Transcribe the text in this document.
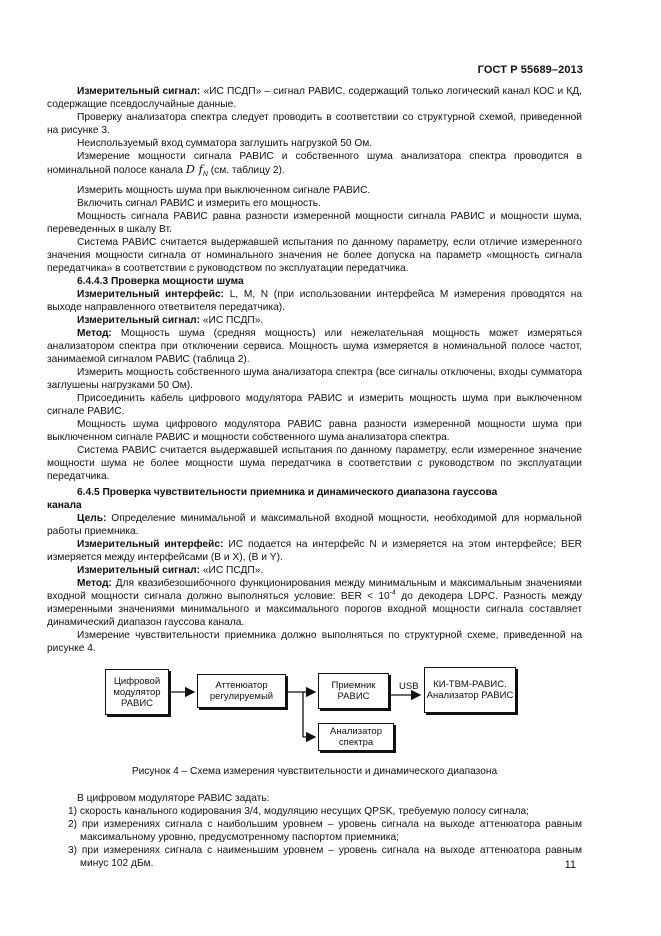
ГОСТ Р 55689–2013

Измерительный сигнал: «ИС ПСДП» – сигнал РАВИС, содержащий только логический канал КОС и КД, содержащие псевдослучайные данные.

Проверку анализатора спектра следует проводить в соответствии со структурной схемой, приведенной на рисунке 3.

Неиспользуемый вход сумматора заглушить нагрузкой 50 Ом.

Измерение мощности сигнала РАВИС и собственного шума анализатора спектра проводится в номинальной полосе канала D $f_N$ (см. таблицу 2).

Измерить мощность шума при выключенном сигнале РАВИС.

Включить сигнал РАВИС и измерить его мощность.

Мощность сигнала РАВИС равна разности измеренной мощности сигнала РАВИС и мощности шума, переведенных в шкалу Вт.

Система РАВИС считается выдержавшей испытания по данному параметру, если отличие измеренного значения мощности сигнала от номинального значения не более допуска на параметр «мощность сигнала передатчика» в соответствии с руководством по эксплуатации передатчика.

6.4.4.3 Проверка мощности шума

Измерительный интерфейс: L, M, N (при использовании интерфейса M измерения проводятся на выходе направленного ответвителя передатчика).

Измерительный сигнал: «ИС ПСДП».

Метод: Мощность шума (средняя мощность) или нежелательная мощность может измеряться анализатором спектра при отключении сервиса. Мощность шума измеряется в номинальной полосе частот, занимаемой сигналом РАВИС (таблица 2).

Измерить мощность собственного шума анализатора спектра (все сигналы отключены, входы сумматора заглушены нагрузками 50 Ом).

Присоединить кабель цифрового модулятора РАВИС и измерить мощность шума при выключенном сигнале РАВИС.

Мощность шума цифрового модулятора РАВИС равна разности измеренной мощности шума при выключенном сигнале РАВИС и мощности собственного шума анализатора спектра.

Система РАВИС считается выдержавшей испытания по данному параметру, если измеренное значение мощности шума не более мощности шума передатчика в соответствии с руководством по эксплуатации передатчика.

6.4.5 Проверка чувствительности приемника и динамического диапазона гауссова

канала

Цель: Определение минимальной и максимальной входной мощности, необходимой для нормальной работы приемника.

Измерительный интерфейс: ИС подается на интерфейс N и измеряется на этом интерфейсе; BER измеряется между интерфейсами (В и Х), (В и Y).

Измерительный сигнал: «ИС ПСДП».

Метод: Для квазибезошибочного функционирования между минимальным и максимальным значениями входной мощности сигнала должно выполняться условие: BER < $10^{-4}$ до декодера LDPC. Разность между измеренными значениями минимального и максимального порогов входной мощности сигнала составляет динамический диапазон гауссова канала.

Измерение чувствительности приемника должно выполняться по структурной схеме, приведенной на рисунке 4.

Цифровой модулятор РАВИС
Аттенюатор регулируемый
Приемник РАВИС
КИ-ТВМ-РАВИС. Анализатор РАВИС
Анализатор спектра
USB

Рисунок 4 – Схема измерения чувствительности и динамического диапазона

В цифровом модуляторе РАВИС задать:

1) скорость канального кодирования 3/4, модуляцию несущих QPSK, требуемую полосу сигнала;

2) при измерениях сигнала с наибольшим уровнем – уровень сигнала на выходе аттенюатора равным максимальному уровню, предусмотренному паспортом приемника;

3) при измерениях сигнала с наименьшим уровнем – уровень сигнала на выходе аттенюатора равным минус 102 дБм.	11
